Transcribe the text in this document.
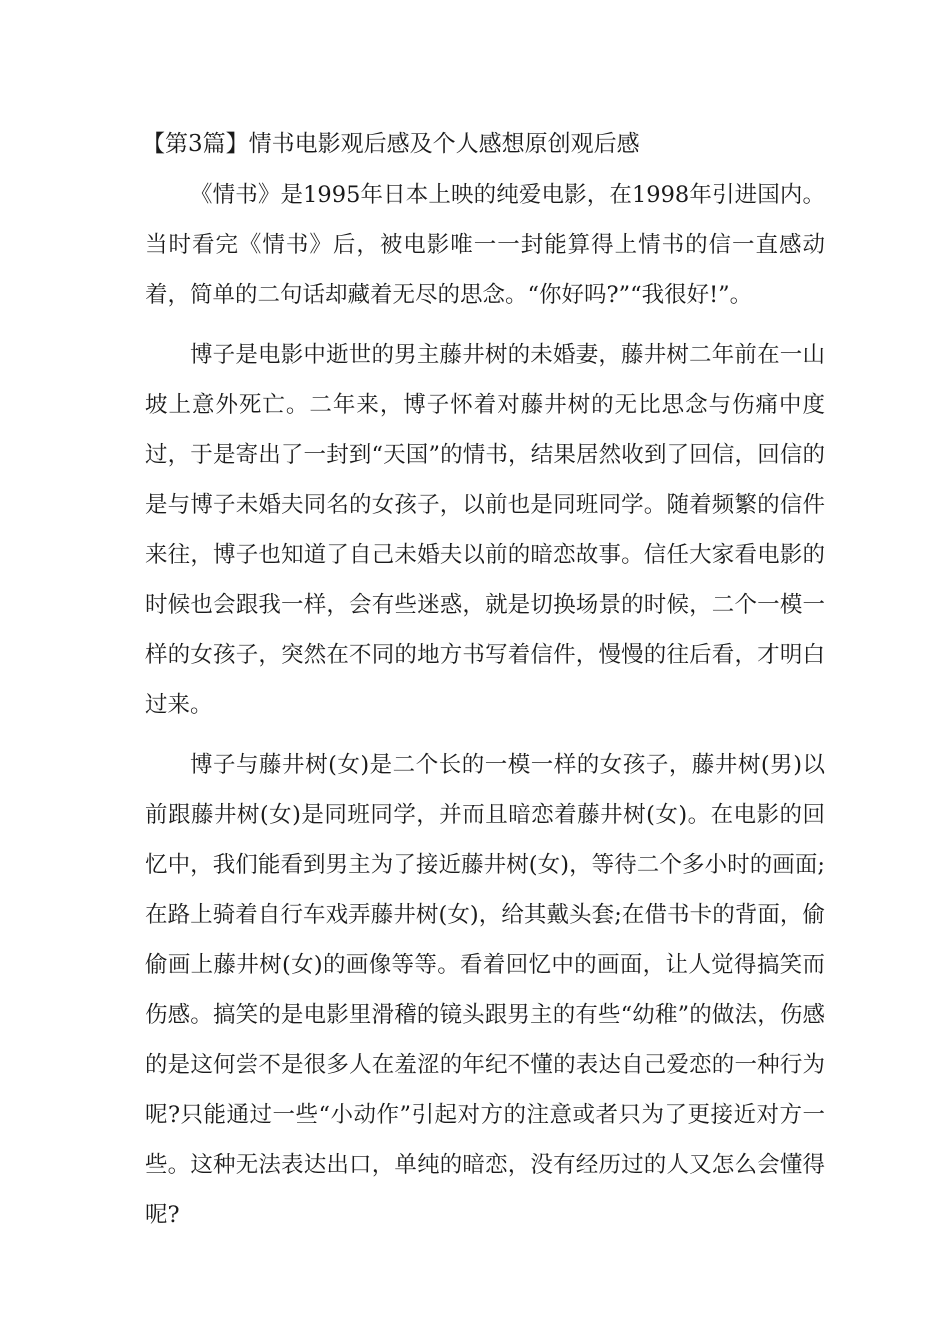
【第3篇】情书电影观后感及个人感想原创观后感

《情书》是1995年日本上映的纯爱电影，在1998年引进国内。当时看完《情书》后，被电影唯一一封能算得上情书的信一直感动着，简单的二句话却藏着无尽的思念。“你好吗?”“我很好!”。

博子是电影中逝世的男主藤井树的未婚妻，藤井树二年前在一山坡上意外死亡。二年来，博子怀着对藤井树的无比思念与伤痛中度过，于是寄出了一封到“天国”的情书，结果居然收到了回信，回信的是与博子未婚夫同名的女孩子，以前也是同班同学。随着频繁的信件来往，博子也知道了自己未婚夫以前的暗恋故事。信任大家看电影的时候也会跟我一样，会有些迷惑，就是切换场景的时候，二个一模一样的女孩子，突然在不同的地方书写着信件，慢慢的往后看，才明白过来。

博子与藤井树(女)是二个长的一模一样的女孩子，藤井树(男)以前跟藤井树(女)是同班同学，并而且暗恋着藤井树(女)。在电影的回忆中，我们能看到男主为了接近藤井树(女)，等待二个多小时的画面;在路上骑着自行车戏弄藤井树(女)，给其戴头套;在借书卡的背面，偷偷画上藤井树(女)的画像等等。看着回忆中的画面，让人觉得搞笑而伤感。搞笑的是电影里滑稽的镜头跟男主的有些“幼稚”的做法，伤感的是这何尝不是很多人在羞涩的年纪不懂的表达自己爱恋的一种行为呢?只能通过一些“小动作”引起对方的注意或者只为了更接近对方一些。这种无法表达出口，单纯的暗恋，没有经历过的人又怎么会懂得呢?
